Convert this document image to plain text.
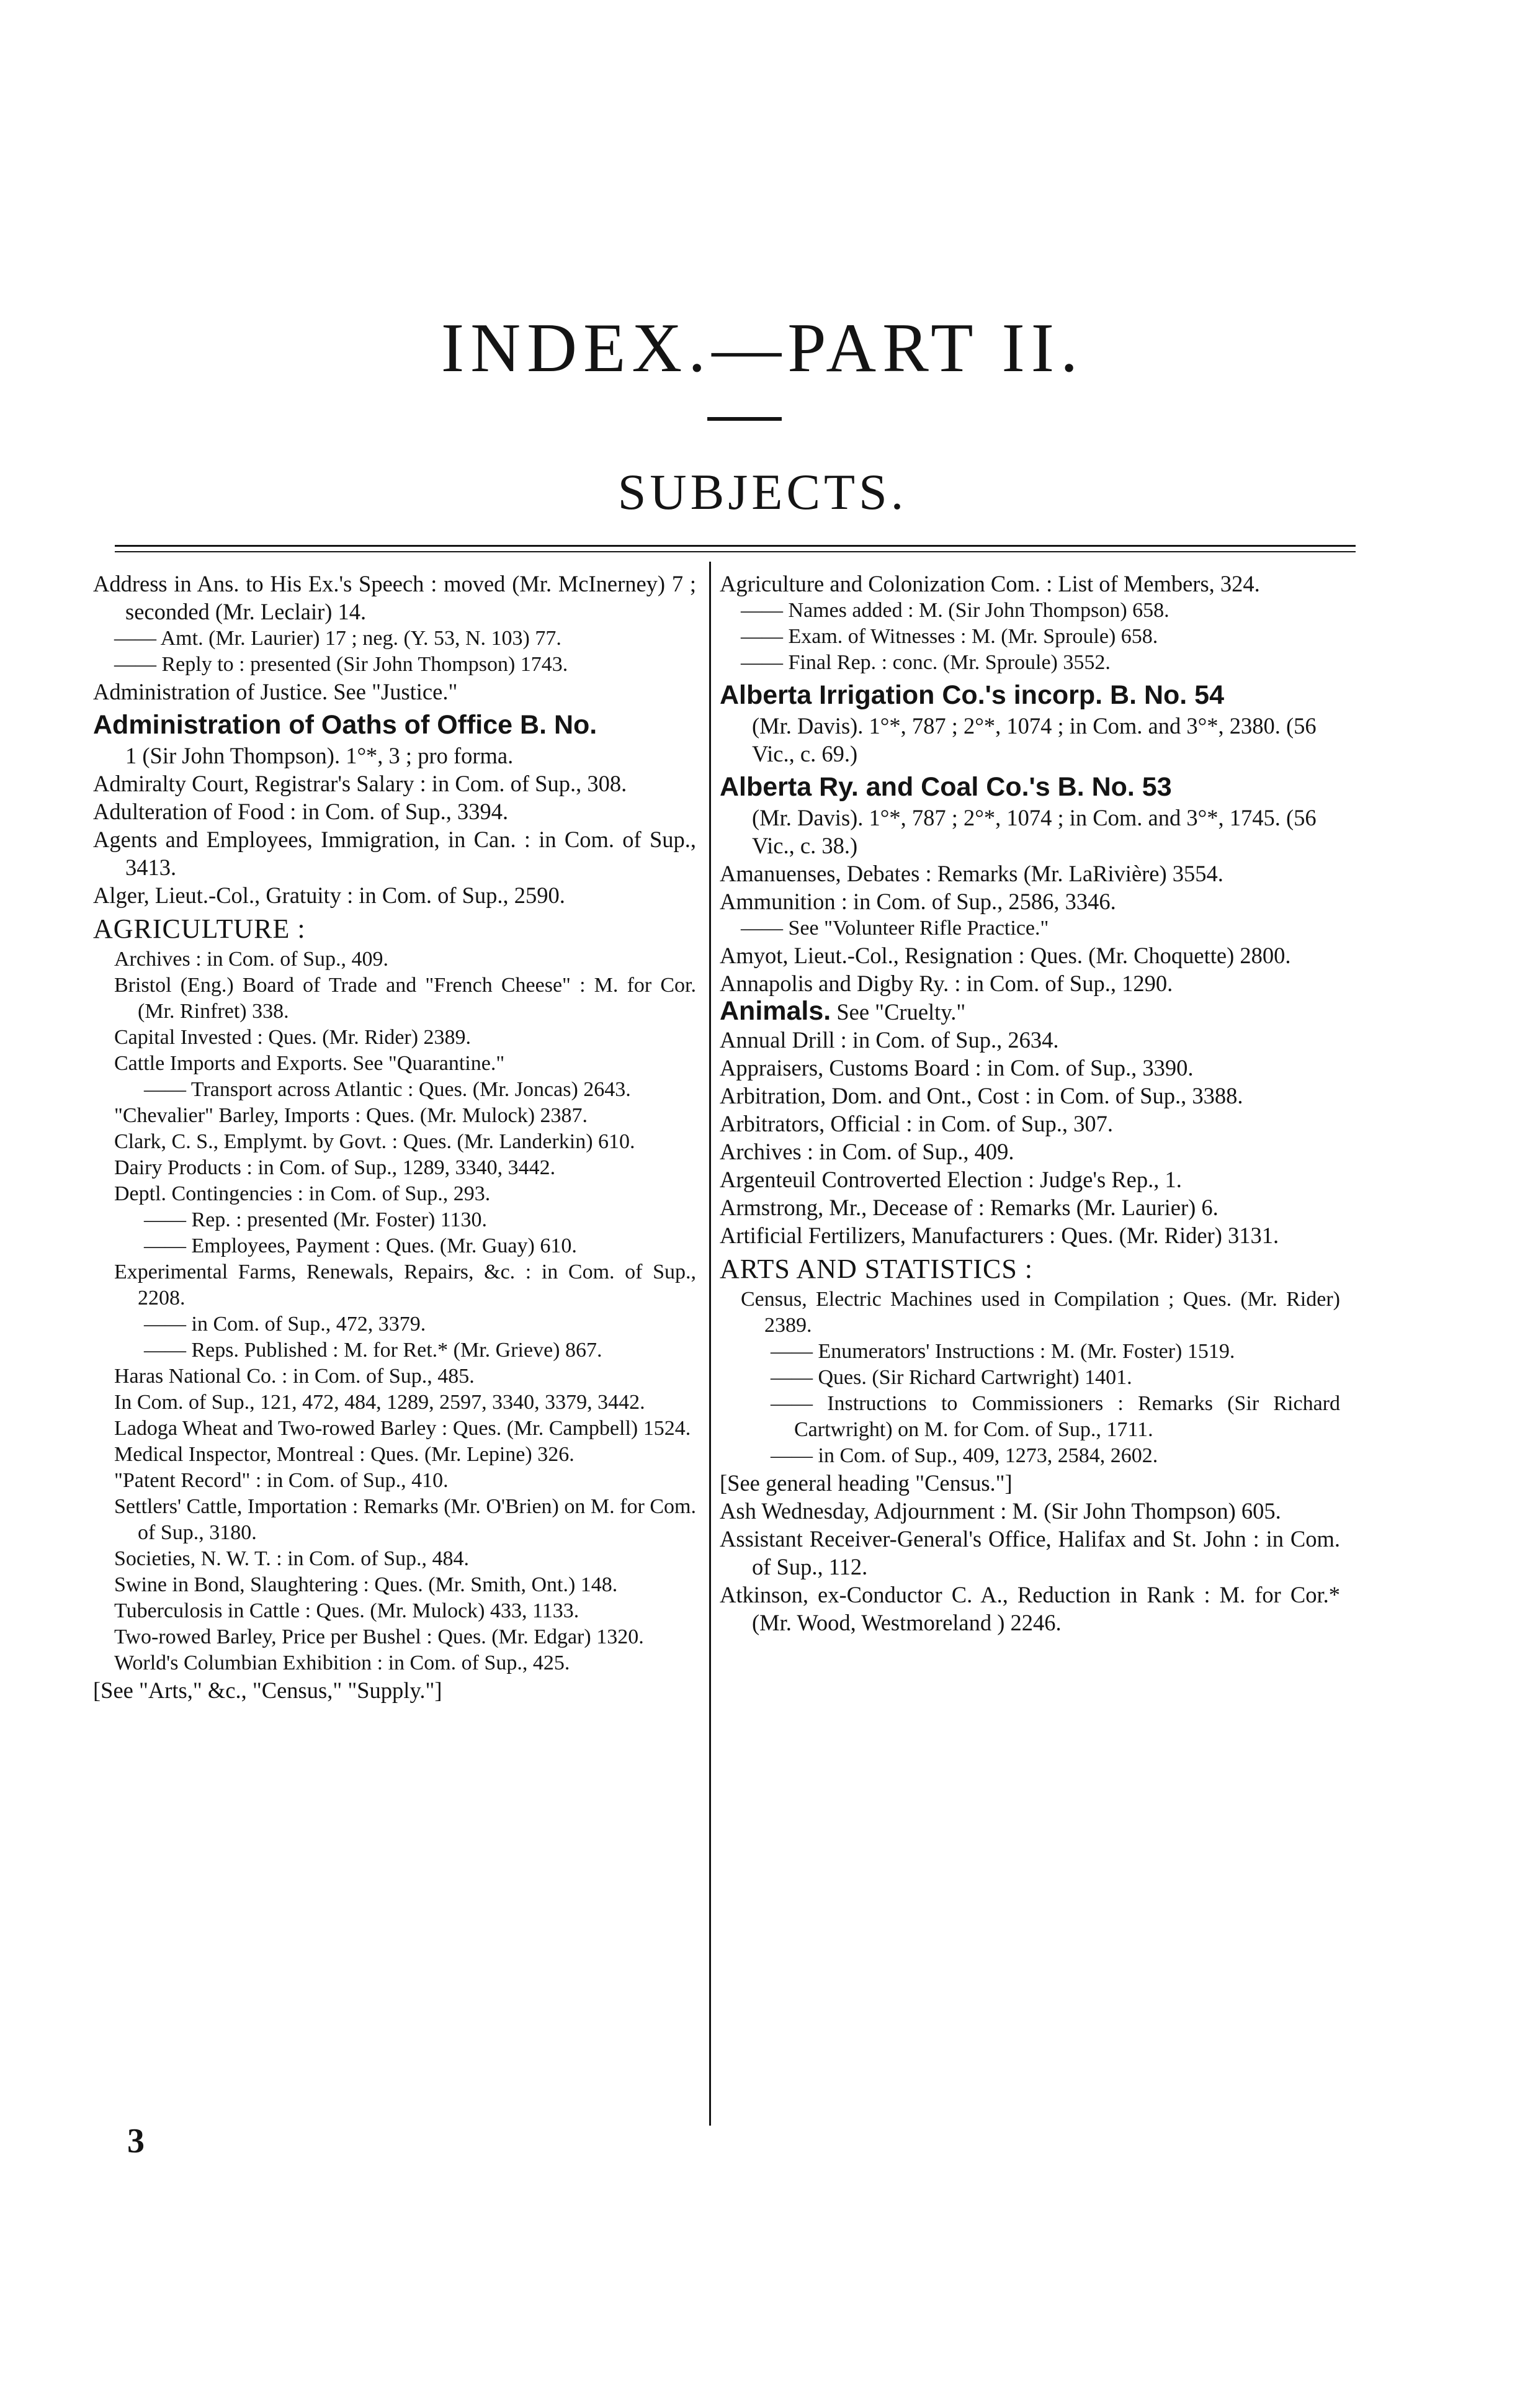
INDEX.—PART II.
SUBJECTS.

Address in Ans. to His Ex.'s Speech : moved (Mr. McInerney) 7 ; seconded (Mr. Leclair) 14.

—— Amt. (Mr. Laurier) 17 ; neg. (Y. 53, N. 103) 77.

—— Reply to : presented (Sir John Thompson) 1743.

Administration of Justice. See "Justice."

Administration of Oaths of Office B. No.

1 (Sir John Thompson). 1°*, 3 ; pro forma.

Admiralty Court, Registrar's Salary : in Com. of Sup., 308.

Adulteration of Food : in Com. of Sup., 3394.

Agents and Employees, Immigration, in Can. : in Com. of Sup., 3413.

Alger, Lieut.-Col., Gratuity : in Com. of Sup., 2590.

AGRICULTURE :

Archives : in Com. of Sup., 409.

Bristol (Eng.) Board of Trade and "French Cheese" : M. for Cor. (Mr. Rinfret) 338.

Capital Invested : Ques. (Mr. Rider) 2389.

Cattle Imports and Exports. See "Quarantine."

—— Transport across Atlantic : Ques. (Mr. Joncas) 2643.

"Chevalier" Barley, Imports : Ques. (Mr. Mulock) 2387.

Clark, C. S., Emplymt. by Govt. : Ques. (Mr. Landerkin) 610.

Dairy Products : in Com. of Sup., 1289, 3340, 3442.

Deptl. Contingencies : in Com. of Sup., 293.

—— Rep. : presented (Mr. Foster) 1130.

—— Employees, Payment : Ques. (Mr. Guay) 610.

Experimental Farms, Renewals, Repairs, &c. : in Com. of Sup., 2208.

—— in Com. of Sup., 472, 3379.

—— Reps. Published : M. for Ret.* (Mr. Grieve) 867.

Haras National Co. : in Com. of Sup., 485.

In Com. of Sup., 121, 472, 484, 1289, 2597, 3340, 3379, 3442.

Ladoga Wheat and Two-rowed Barley : Ques. (Mr. Campbell) 1524.

Medical Inspector, Montreal : Ques. (Mr. Lepine) 326.

"Patent Record" : in Com. of Sup., 410.

Settlers' Cattle, Importation : Remarks (Mr. O'Brien) on M. for Com. of Sup., 3180.

Societies, N. W. T. : in Com. of Sup., 484.

Swine in Bond, Slaughtering : Ques. (Mr. Smith, Ont.) 148.

Tuberculosis in Cattle : Ques. (Mr. Mulock) 433, 1133.

Two-rowed Barley, Price per Bushel : Ques. (Mr. Edgar) 1320.

World's Columbian Exhibition : in Com. of Sup., 425.

[See "Arts," &c., "Census," "Supply."]

Agriculture and Colonization Com. : List of Members, 324.

—— Names added : M. (Sir John Thompson) 658.

—— Exam. of Witnesses : M. (Mr. Sproule) 658.

—— Final Rep. : conc. (Mr. Sproule) 3552.

Alberta Irrigation Co.'s incorp. B. No. 54

(Mr. Davis). 1°*, 787 ; 2°*, 1074 ; in Com. and 3°*, 2380. (56 Vic., c. 69.)

Alberta Ry. and Coal Co.'s B. No. 53

(Mr. Davis). 1°*, 787 ; 2°*, 1074 ; in Com. and 3°*, 1745. (56 Vic., c. 38.)

Amanuenses, Debates : Remarks (Mr. LaRivière) 3554.

Ammunition : in Com. of Sup., 2586, 3346.

—— See "Volunteer Rifle Practice."

Amyot, Lieut.-Col., Resignation : Ques. (Mr. Choquette) 2800.

Annapolis and Digby Ry. : in Com. of Sup., 1290.

Animals. See "Cruelty."

Annual Drill : in Com. of Sup., 2634.

Appraisers, Customs Board : in Com. of Sup., 3390.

Arbitration, Dom. and Ont., Cost : in Com. of Sup., 3388.

Arbitrators, Official : in Com. of Sup., 307.

Archives : in Com. of Sup., 409.

Argenteuil Controverted Election : Judge's Rep., 1.

Armstrong, Mr., Decease of : Remarks (Mr. Laurier) 6.

Artificial Fertilizers, Manufacturers : Ques. (Mr. Rider) 3131.

ARTS AND STATISTICS :

Census, Electric Machines used in Compilation ; Ques. (Mr. Rider) 2389.

—— Enumerators' Instructions : M. (Mr. Foster) 1519.

—— Ques. (Sir Richard Cartwright) 1401.

—— Instructions to Commissioners : Remarks (Sir Richard Cartwright) on M. for Com. of Sup., 1711.

—— in Com. of Sup., 409, 1273, 2584, 2602.

[See general heading "Census."]

Ash Wednesday, Adjournment : M. (Sir John Thompson) 605.

Assistant Receiver-General's Office, Halifax and St. John : in Com. of Sup., 112.

Atkinson, ex-Conductor C. A., Reduction in Rank : M. for Cor.* (Mr. Wood, Westmoreland ) 2246.

3
